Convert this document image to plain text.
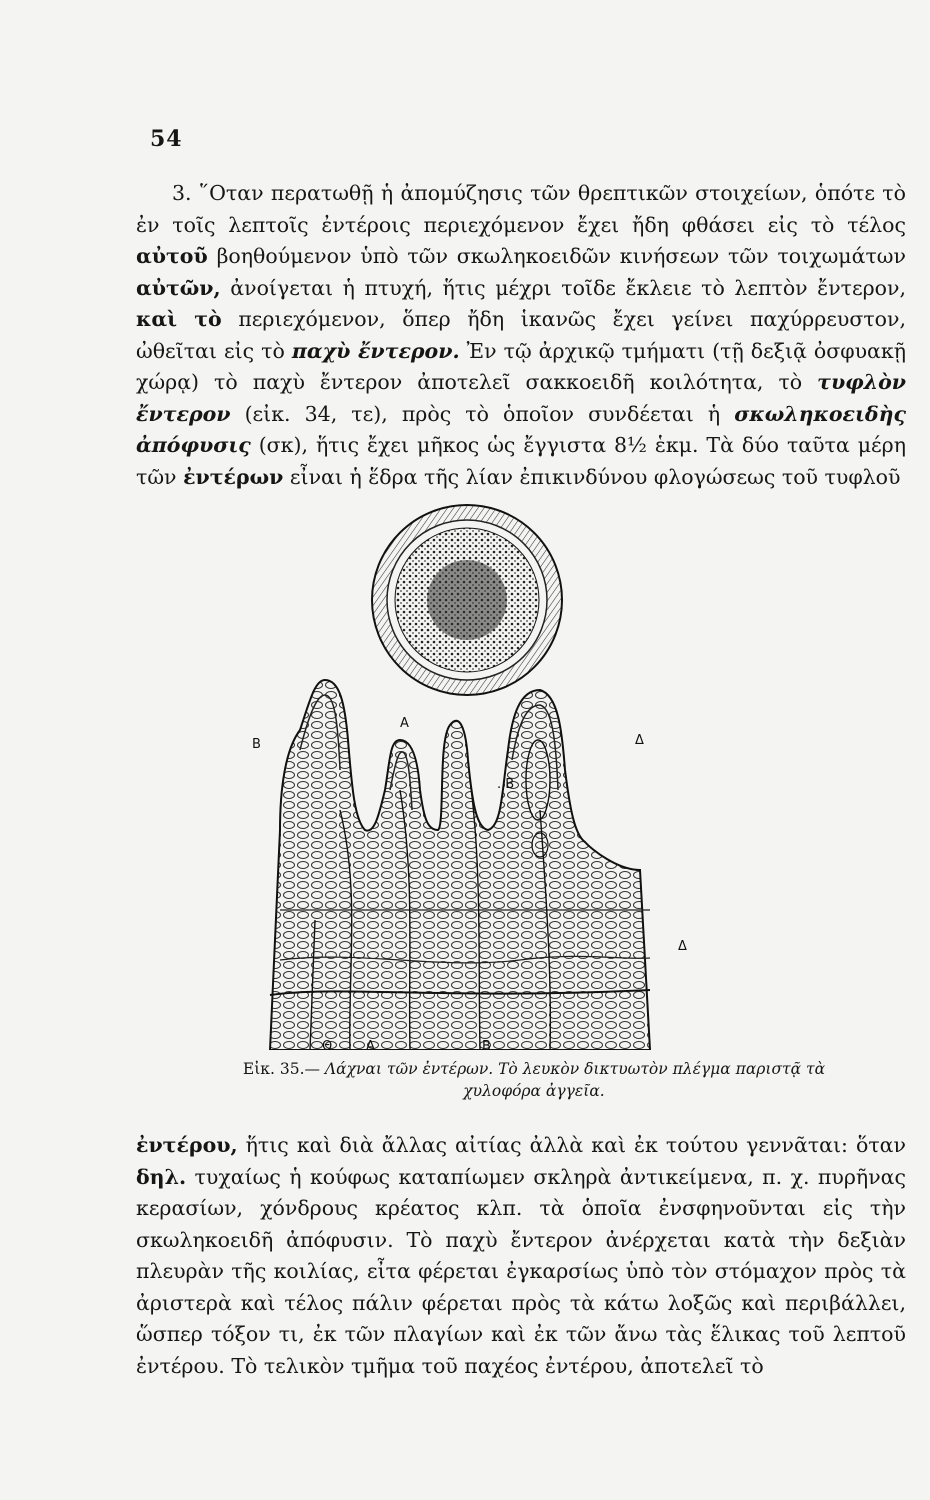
54

3. ῞Οταν περατωθῇ ἡ ἀπομύζησις τῶν θρεπτικῶν στοιχείων, ὁπότε τὸ ἐν τοῖς λεπτοῖς ἐντέροις περιεχόμενον ἔχει ἤδη φθάσει εἰς τὸ τέλος αὐτοῦ βοηθούμενον ὑπὸ τῶν σκωληκοειδῶν κινήσεων τῶν τοιχωμάτων αὐτῶν, ἀνοίγεται ἡ πτυχή, ἥτις μέχρι τοῖδε ἔκλειε τὸ λεπτὸν ἔντερον, καὶ τὸ περιεχόμενον, ὅπερ ἤδη ἱκανῶς ἔχει γείνει παχύρρευστον, ὠθεῖται εἰς τὸ παχὺ ἔντερον. Ἐν τῷ ἀρχικῷ τμήματι (τῇ δεξιᾷ ὀσφυακῇ χώρᾳ) τὸ παχὺ ἔντερον ἀποτελεῖ σακκοειδῆ κοιλότητα, τὸ τυφλὸν ἔντερον (εἰκ. 34, τε), πρὸς τὸ ὁποῖον συνδέεται ἡ σκωληκοειδὴς ἀπόφυσις (σκ), ἥτις ἔχει μῆκος ὡς ἔγγιστα 8½ ἑκμ. Τὰ δύο ταῦτα μέρη τῶν ἐντέρων εἶναι ἡ ἕδρα τῆς λίαν ἐπικινδύνου φλογώσεως τοῦ τυφλοῦ

B
A
Δ
. B
Δ
Θ	A	B
Εἰκ. 35.— Λάχναι τῶν ἐντέρων. Τὸ λευκὸν δικτυωτὸν πλέγμα παριστᾷ τὰ χυλοφόρα ἀγγεῖα.

ἐντέρου, ἥτις καὶ διὰ ἄλλας αἰτίας ἀλλὰ καὶ ἐκ τούτου γεννᾶται: ὅταν δηλ. τυχαίως ἡ κούφως καταπίωμεν σκληρὰ ἀντικείμενα, π. χ. πυρῆνας κερασίων, χόνδρους κρέατος κλπ. τὰ ὁποῖα ἐνσφηνοῦνται εἰς τὴν σκωληκοειδῆ ἀπόφυσιν. Τὸ παχὺ ἔντερον ἀνέρχεται κατὰ τὴν δεξιὰν πλευρὰν τῆς κοιλίας, εἶτα φέρεται ἐγκαρσίως ὑπὸ τὸν στόμαχον πρὸς τὰ ἀριστερὰ καὶ τέλος πάλιν φέρεται πρὸς τὰ κάτω λοξῶς καὶ περιβάλλει, ὥσπερ τόξον τι, ἐκ τῶν πλαγίων καὶ ἐκ τῶν ἄνω τὰς ἕλικας τοῦ λεπτοῦ ἐντέρου. Τὸ τελικὸν τμῆμα τοῦ παχέος ἐντέρου, ἀποτελεῖ τὸ
